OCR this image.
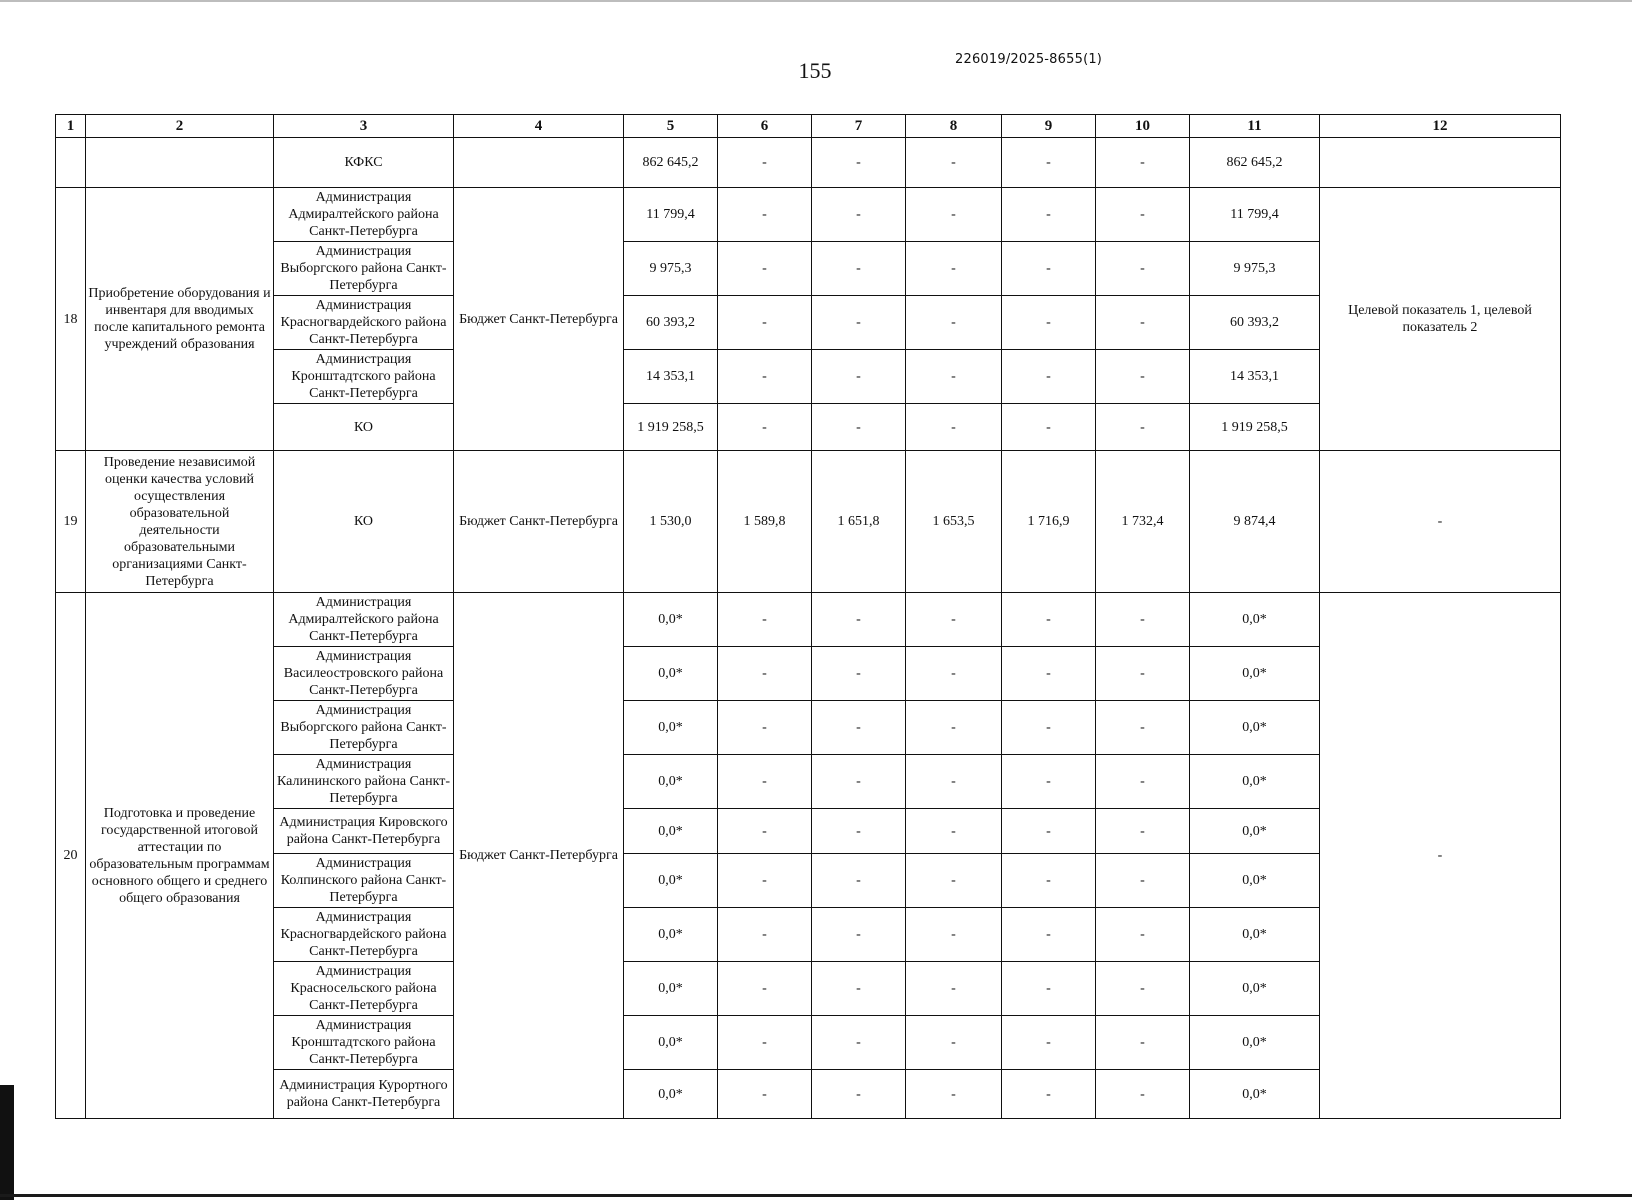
155	226019/2025-8655(1)
1	2	3	4	5	6	7	8	9	10	11	12
		КФКС		862 645,2	-	-	-	-	-	862 645,2	
18	Приобретение оборудования и инвентаря для вводимых после капитального ремонта учреждений образования	Администрация Адмиралтейского района Санкт-Петербурга	Бюджет Санкт-Петербурга	11 799,4	-	-	-	-	-	11 799,4	Целевой показатель 1, целевой показатель 2
		Администрация Выборгского района Санкт-Петербурга		9 975,3	-	-	-	-	-	9 975,3	
		Администрация Красногвардейского района Санкт-Петербурга		60 393,2	-	-	-	-	-	60 393,2	
		Администрация Кронштадтского района Санкт-Петербурга		14 353,1	-	-	-	-	-	14 353,1	
		КО		1 919 258,5	-	-	-	-	-	1 919 258,5	
19	Проведение независимой оценки качества условий осуществления образовательной деятельности образовательными организациями Санкт-Петербурга	КО	Бюджет Санкт-Петербурга	1 530,0	1 589,8	1 651,8	1 653,5	1 716,9	1 732,4	9 874,4	-
20	Подготовка и проведение государственной итоговой аттестации по образовательным программам основного общего и среднего общего образования	Администрация Адмиралтейского района Санкт-Петербурга	Бюджет Санкт-Петербурга	0,0*	-	-	-	-	-	0,0*	-
		Администрация Василеостровского района Санкт-Петербурга		0,0*	-	-	-	-	-	0,0*	
		Администрация Выборгского района Санкт-Петербурга		0,0*	-	-	-	-	-	0,0*	
		Администрация Калининского района Санкт-Петербурга		0,0*	-	-	-	-	-	0,0*	
		Администрация Кировского района Санкт-Петербурга		0,0*	-	-	-	-	-	0,0*	
		Администрация Колпинского района Санкт-Петербурга		0,0*	-	-	-	-	-	0,0*	
		Администрация Красногвардейского района Санкт-Петербурга		0,0*	-	-	-	-	-	0,0*	
		Администрация Красносельского района Санкт-Петербурга		0,0*	-	-	-	-	-	0,0*	
		Администрация Кронштадтского района Санкт-Петербурга		0,0*	-	-	-	-	-	0,0*	
		Администрация Курортного района Санкт-Петербурга		0,0*	-	-	-	-	-	0,0*	
